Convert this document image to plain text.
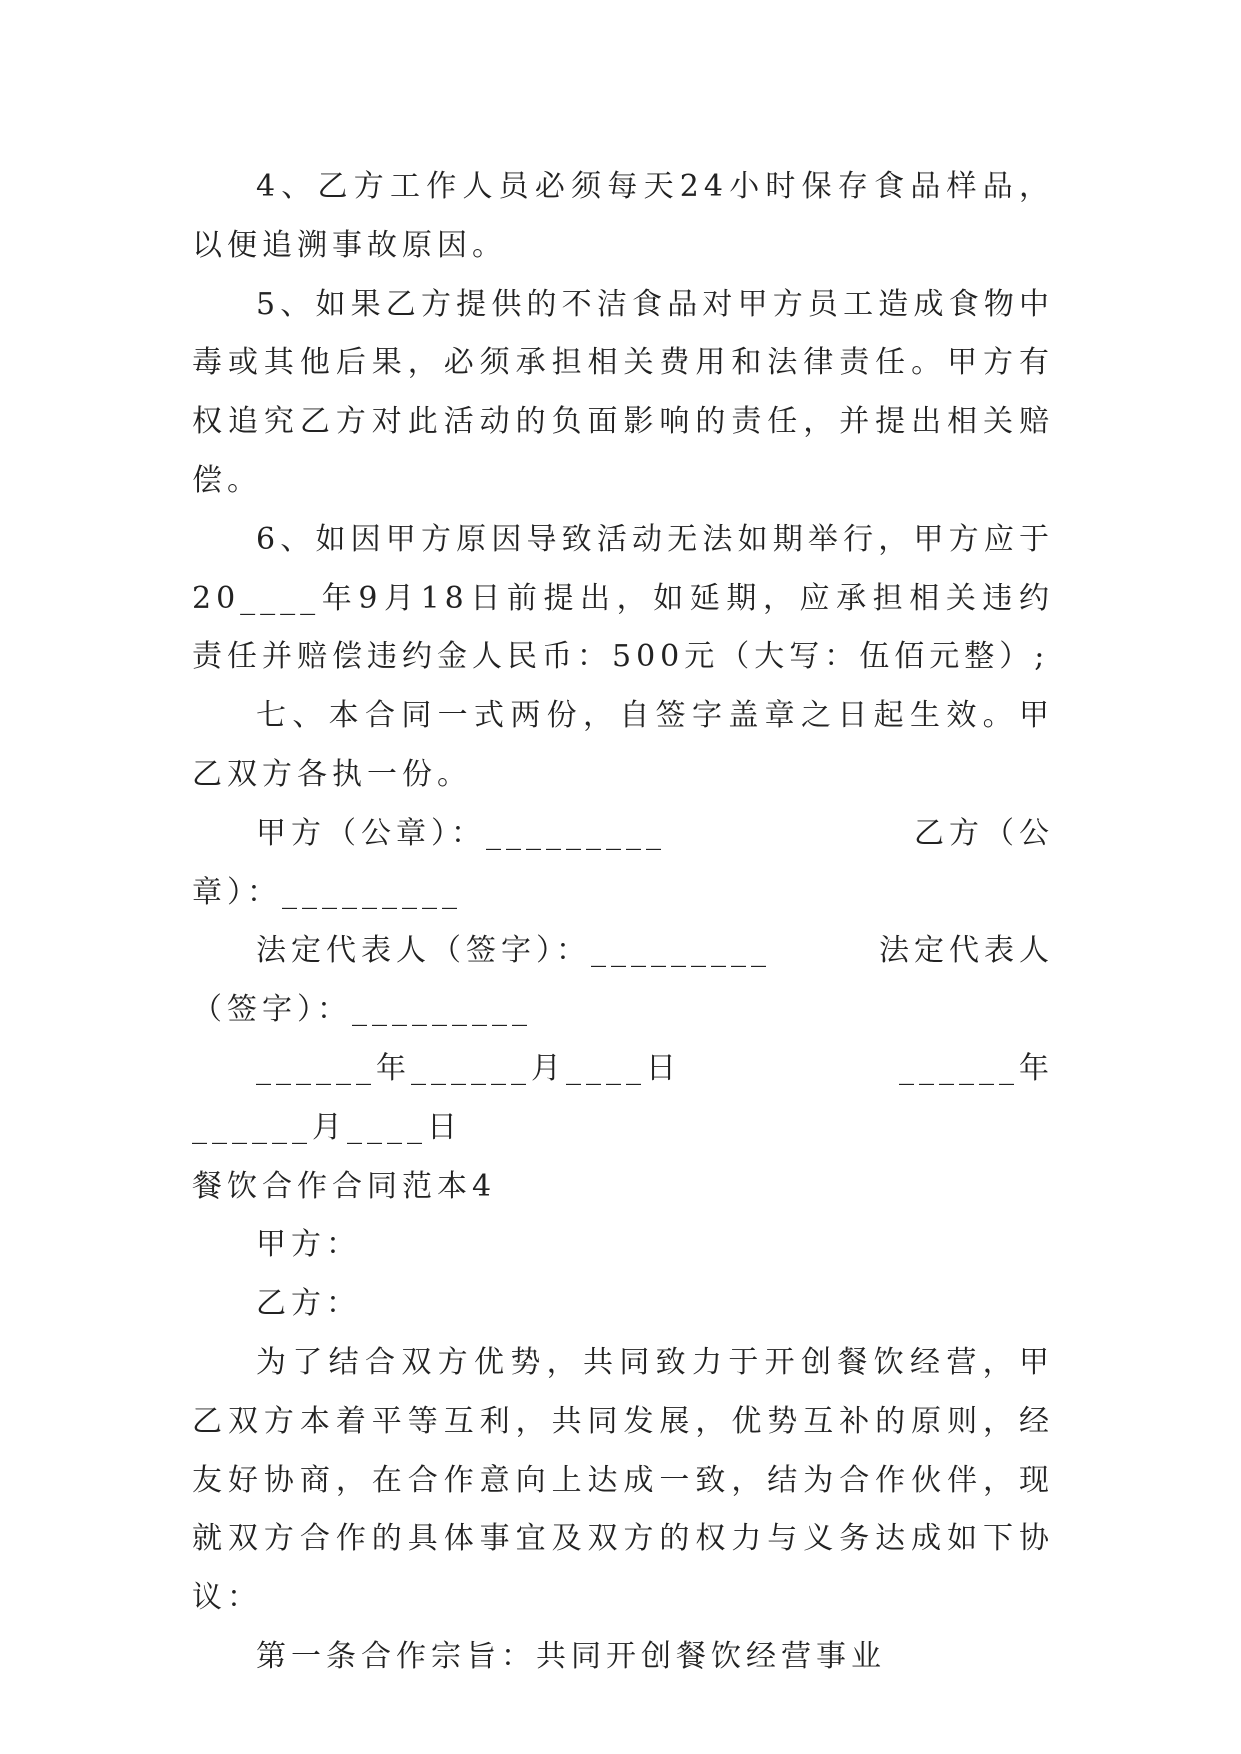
4、乙方工作人员必须每天24小时保存食品样品，以便追溯事故原因。

5、如果乙方提供的不洁食品对甲方员工造成食物中毒或其他后果，必须承担相关费用和法律责任。甲方有权追究乙方对此活动的负面影响的责任，并提出相关赔偿。

6、如因甲方原因导致活动无法如期举行，甲方应于20____年9月18日前提出，如延期，应承担相关违约责任并赔偿违约金人民币：500元（大写：伍佰元整）;

七、本合同一式两份，自签字盖章之日起生效。甲乙双方各执一份。

甲方（公章）：_________	乙方（公

章）：_________

法定代表人（签字）：_________	法定代表人

（签字）：_________

______年______月____日	______年

______月____日

餐饮合作合同范本4

甲方：

乙方：

为了结合双方优势，共同致力于开创餐饮经营，甲乙双方本着平等互利，共同发展，优势互补的原则，经友好协商，在合作意向上达成一致，结为合作伙伴，现就双方合作的具体事宜及双方的权力与义务达成如下协议：

第一条合作宗旨：共同开创餐饮经营事业
